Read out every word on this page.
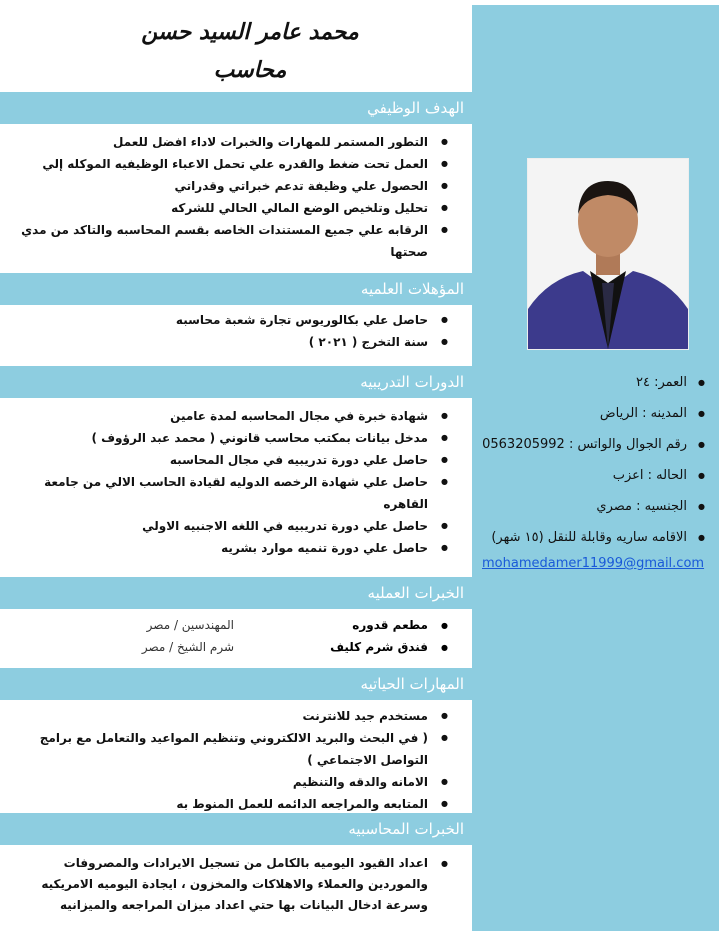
محمد عامر السيد حسن
محاسب
الهدف الوظيفي
● التطور المستمر للمهارات والخبرات لاداء افضل للعمل
● العمل تحت ضغط والقدره علي تحمل الاعباء الوظيفيه الموكله إلي
● الحصول علي وظيفة تدعم خبراتي وقدراتي
● تحليل وتلخيص الوضع المالي الحالي للشركه
● الرقابه علي جميع المستندات الخاصه بقسم المحاسبه والتاكد من مدي صحتها
المؤهلات العلميه
● حاصل علي بكالوريوس تجارة شعبة محاسبه
● سنة التخرج ( ٢٠٢١ )
الدورات التدريبيه
● شهادة خبرة في مجال المحاسبه لمدة عامين
● مدخل بيانات بمكتب محاسب قانوني ( محمد عبد الرؤوف )
● حاصل علي دورة تدريبيه في مجال المحاسبه
● حاصل علي شهادة الرخصه الدوليه لقيادة الحاسب الالي من جامعة القاهره
● حاصل علي دورة تدريبيه في اللغه الاجنبيه الاولي
● حاصل علي دورة تنميه موارد بشريه
الخبرات العمليه
●
مطعم قدوره
المهندسين / مصر
●
فندق شرم كليف
شرم الشيخ / مصر
المهارات الحياتيه
● مستخدم جيد للانترنت
● ( في البحث والبريد الالكتروني وتنظيم المواعيد والتعامل مع برامج التواصل الاجتماعي )
● الامانه والدقه والتنظيم
● المتابعه والمراجعه الدائمه للعمل المنوط به
الخبرات المحاسبيه
● اعداد القيود اليوميه بالكامل من تسجيل الايرادات والمصروفات والموردين والعملاء والاهلاكات والمخزون ، ايجادة اليوميه الامريكيه وسرعة ادخال البيانات بها حتي اعداد ميزان المراجعه والميزانيه
● العمر: ٢٤
● المدينه : الرياض
● رقم الجوال والواتس : 0563205992
● الحاله : اعزب
● الجنسيه : مصري
● الاقامه ساريه وقابلة للنقل (١٥ شهر)
mohamedamer11999@gmail.com
